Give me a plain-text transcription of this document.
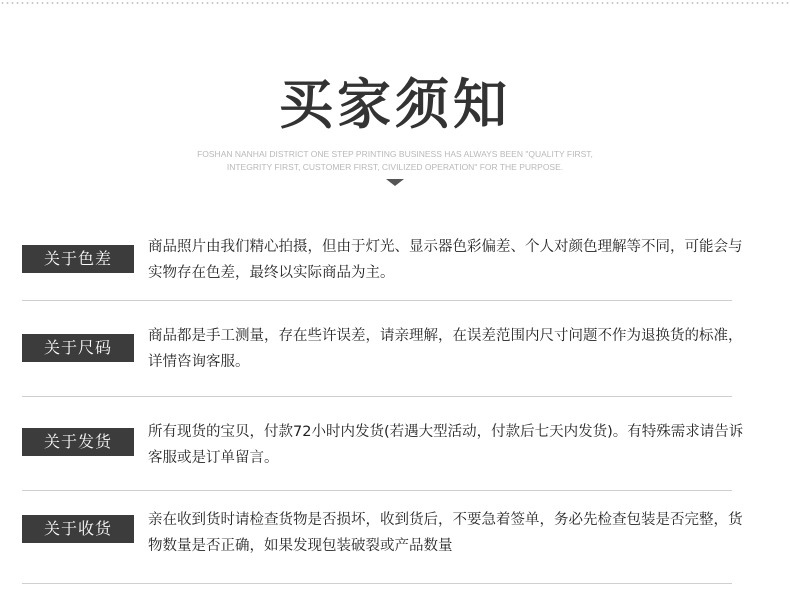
买家须知
FOSHAN NANHAI DISTRICT ONE STEP PRINTING BUSINESS HAS ALWAYS BEEN "QUALITY FIRST, INTEGRITY FIRST, CUSTOMER FIRST, CIVILIZED OPERATION" FOR THE PURPOSE.
关于色差
商品照片由我们精心拍摄，但由于灯光、显示器色彩偏差、个人对颜色理解等不同，可能会与实物存在色差，最终以实际商品为主。
关于尺码
商品都是手工测量，存在些许误差，请亲理解，在误差范围内尺寸问题不作为退换货的标准，详情咨询客服。
关于发货	所有现货的宝贝，付款72小时内发货(若遇大型活动，付款后七天内发货)。有特殊需求请告诉客服或是订单留言。
关于收货	亲在收到货时请检查货物是否损坏，收到货后，不要急着签单，务必先检查包装是否完整，货物数量是否正确，如果发现包装破裂或产品数量
